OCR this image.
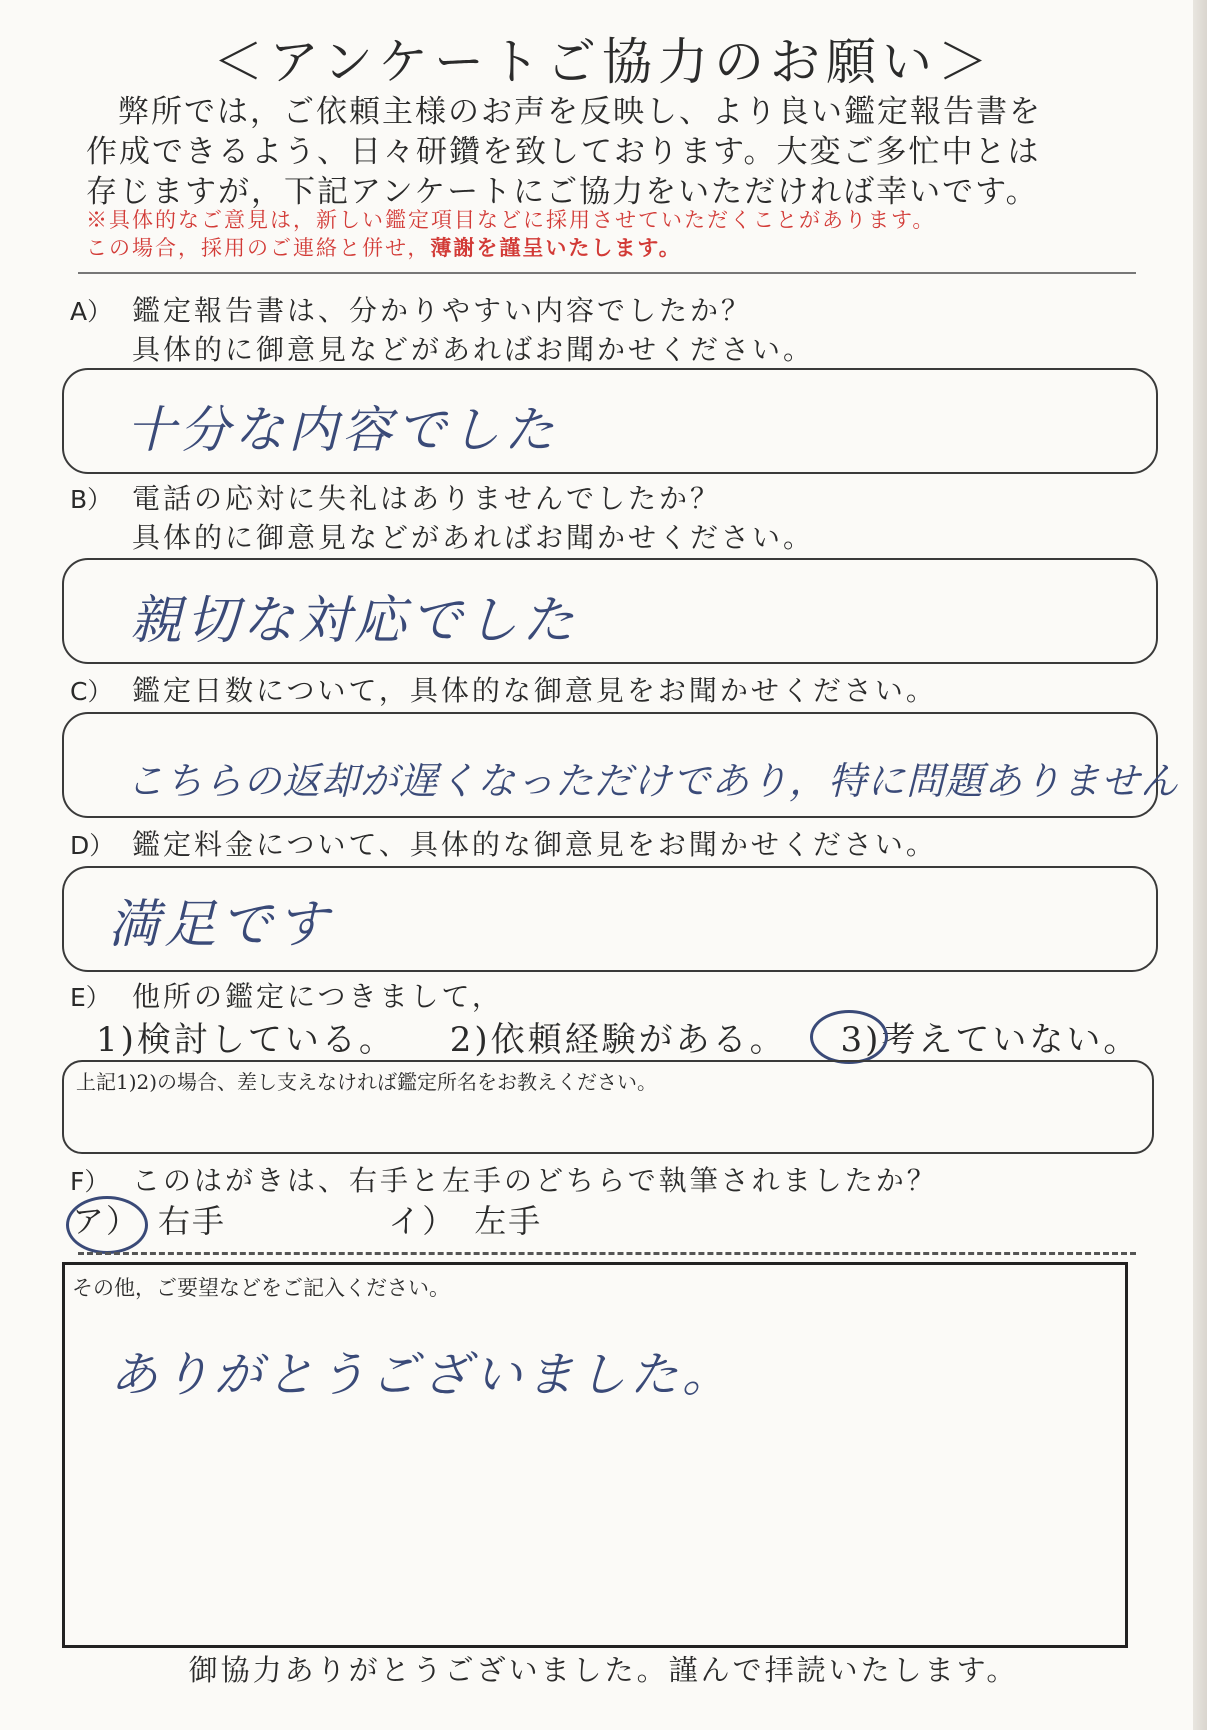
＜アンケートご協力のお願い＞

弊所では，ご依頼主様のお声を反映し、より良い鑑定報告書を

作成できるよう、日々研鑽を致しております。大変ご多忙中とは

存じますが，下記アンケートにご協力をいただければ幸いです。

※具体的なご意見は，新しい鑑定項目などに採用させていただくことがあります。

この場合，採用のご連絡と併せ，薄謝を謹呈いたします。

A） 鑑定報告書は、分かりやすい内容でしたか？
具体的に御意見などがあればお聞かせください。
十分な内容でした
B） 電話の応対に失礼はありませんでしたか？
具体的に御意見などがあればお聞かせください。
親切な対応でした
C） 鑑定日数について，具体的な御意見をお聞かせください。
こちらの返却が遅くなっただけであり，特に問題ありません
D） 鑑定料金について、具体的な御意見をお聞かせください。
満足です
E） 他所の鑑定につきまして，
1)検討している。 2)依頼経験がある。 3)考えていない。
上記1)2)の場合、差し支えなければ鑑定所名をお教えください。
F） このはがきは、右手と左手のどちらで執筆されましたか？
ア）　右手	イ）　左手
その他，ご要望などをご記入ください。
ありがとうございました。
御協力ありがとうございました。謹んで拝読いたします。
